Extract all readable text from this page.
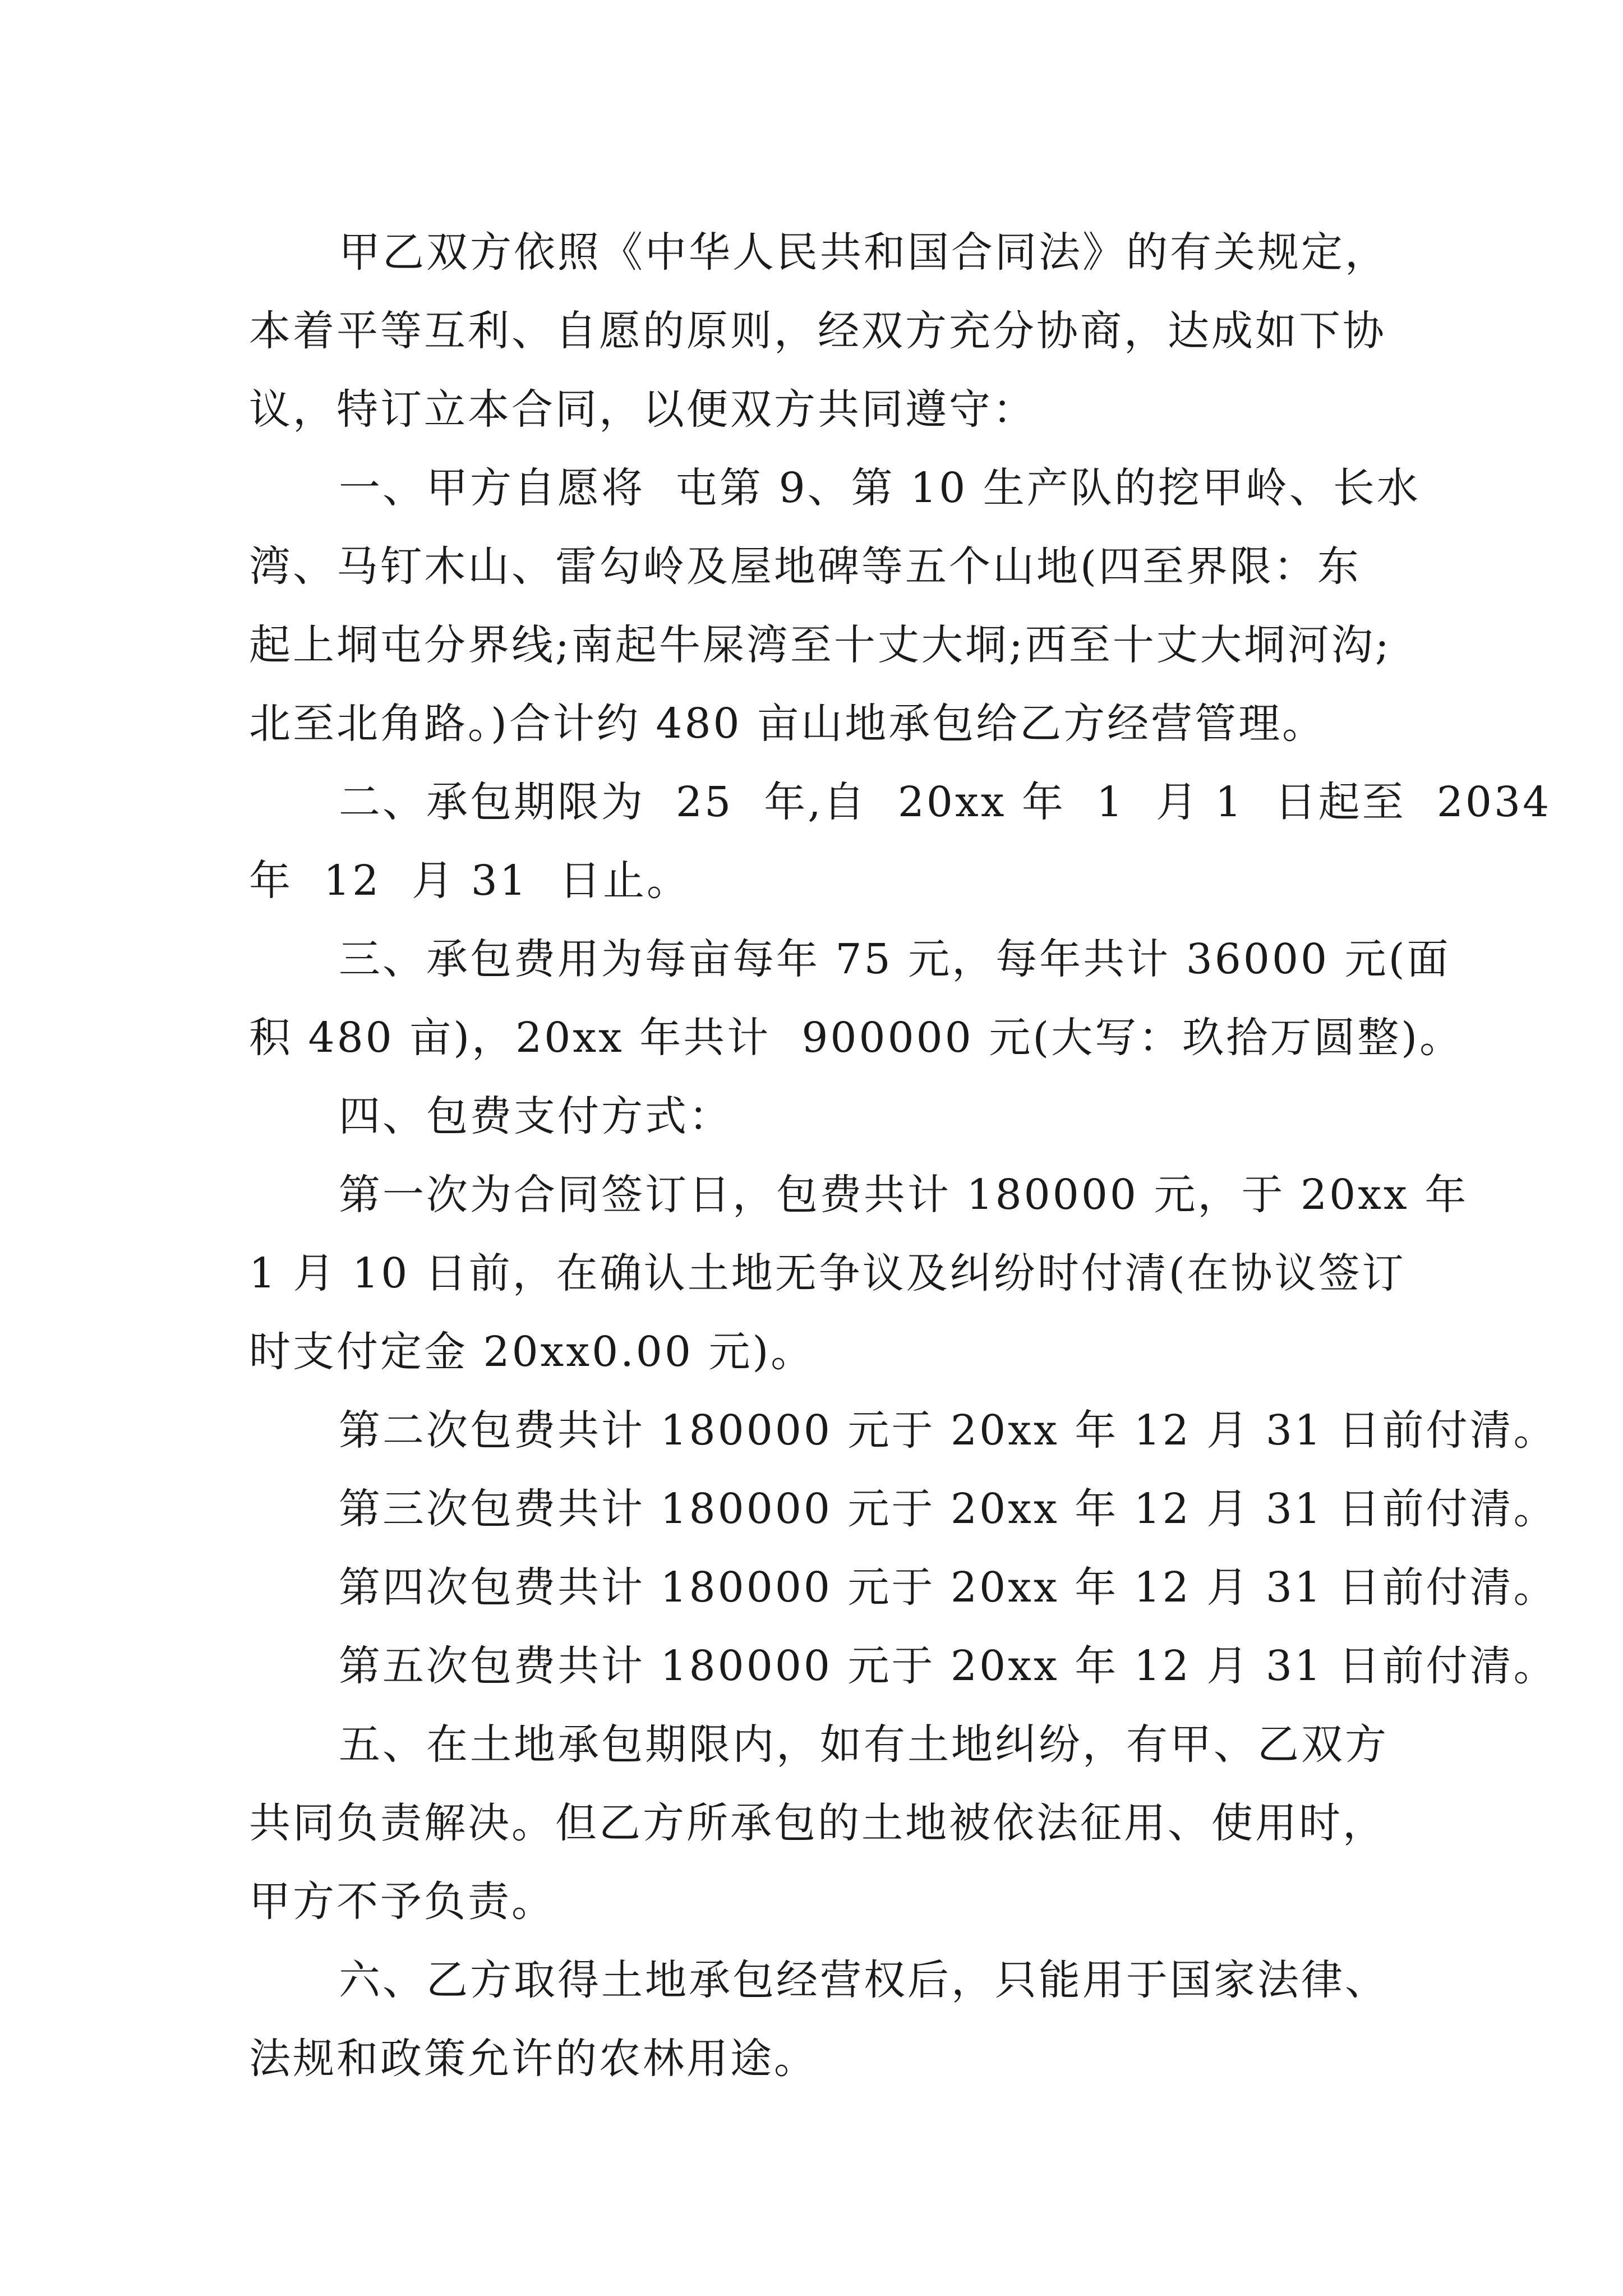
甲乙双方依照《中华人民共和国合同法》的有关规定，
本着平等互利、自愿的原则，经双方充分协商，达成如下协
议，特订立本合同，以便双方共同遵守：
一、甲方自愿将  屯第 9、第 10 生产队的挖甲岭、长水
湾、马钉木山、雷勾岭及屋地碑等五个山地(四至界限：东
起上垌屯分界线;南起牛屎湾至十丈大垌;西至十丈大垌河沟;
北至北角路。)合计约 480 亩山地承包给乙方经营管理。
二、承包期限为  25  年,自  20xx 年  1  月 1  日起至  2034
年  12  月 31  日止。
三、承包费用为每亩每年 75 元，每年共计 36000 元(面
积 480 亩)，20xx 年共计  900000 元(大写：玖拾万圆整)。
四、包费支付方式：
第一次为合同签订日，包费共计 180000 元，于 20xx 年
1 月 10 日前，在确认土地无争议及纠纷时付清(在协议签订
时支付定金 20xx0.00 元)。
第二次包费共计 180000 元于 20xx 年 12 月 31 日前付清。
第三次包费共计 180000 元于 20xx 年 12 月 31 日前付清。
第四次包费共计 180000 元于 20xx 年 12 月 31 日前付清。
第五次包费共计 180000 元于 20xx 年 12 月 31 日前付清。
五、在土地承包期限内，如有土地纠纷，有甲、乙双方
共同负责解决。但乙方所承包的土地被依法征用、使用时，
甲方不予负责。
六、乙方取得土地承包经营权后，只能用于国家法律、
法规和政策允许的农林用途。
